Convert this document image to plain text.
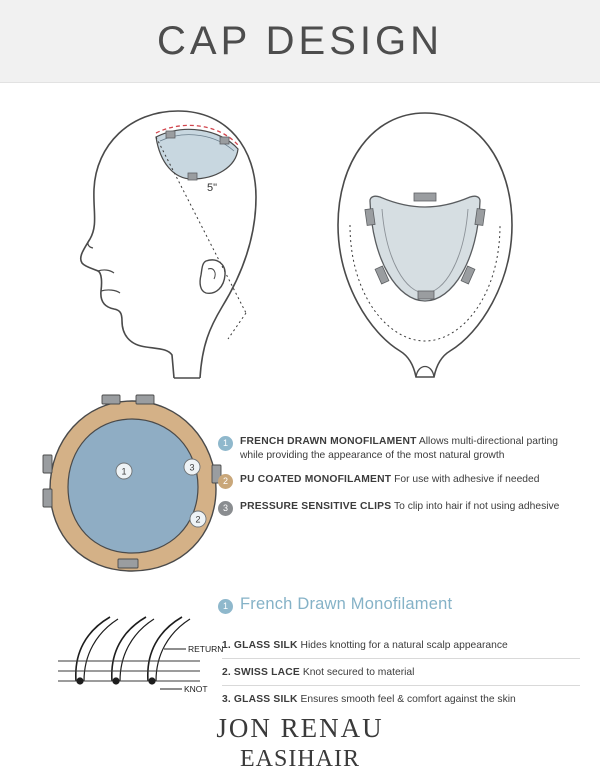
CAP DESIGN
5"
1	3
2
RETURN
KNOT
1	FRENCH DRAWN MONOFILAMENT Allows multi-directional parting while providing the appearance of the most natural growth
2	PU COATED MONOFILAMENT For use with adhesive if needed
3	PRESSURE SENSITIVE CLIPS To clip into hair if not using adhesive
1 French Drawn Monofilament
1. GLASS SILK Hides knotting for a natural scalp appearance
2. SWISS LACE Knot secured to material
3. GLASS SILK Ensures smooth feel & comfort against the skin
JON RENAU
EASIHAIR
